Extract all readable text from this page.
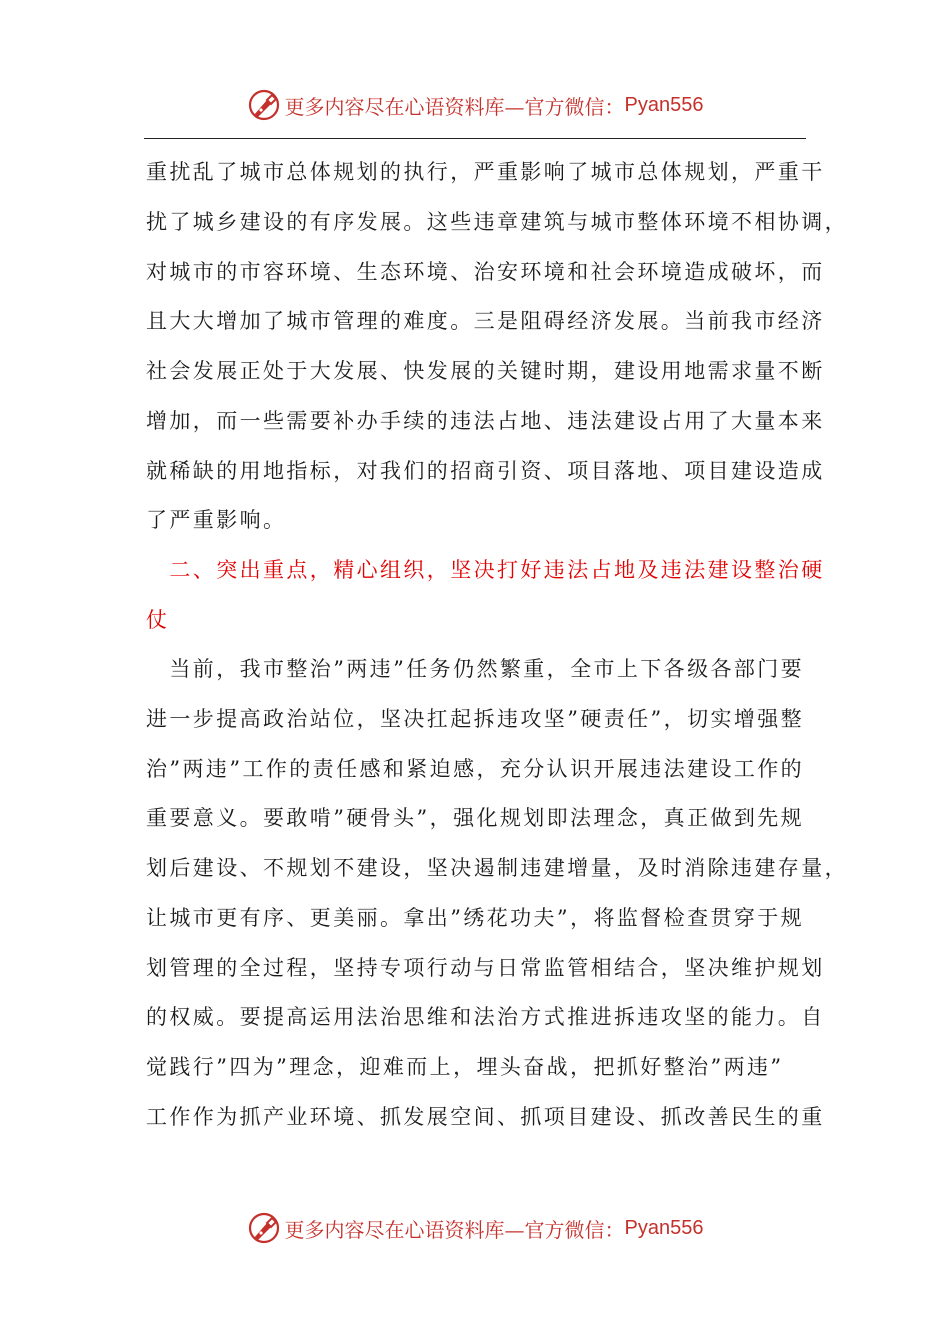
更多内容尽在心语资料库—官方微信： Pyan556
重扰乱了城市总体规划的执行，严重影响了城市总体规划，严重干
扰了城乡建设的有序发展。这些违章建筑与城市整体环境不相协调，
对城市的市容环境、生态环境、治安环境和社会环境造成破坏，而
且大大增加了城市管理的难度。三是阻碍经济发展。当前我市经济
社会发展正处于大发展、快发展的关键时期，建设用地需求量不断
增加，而一些需要补办手续的违法占地、违法建设占用了大量本来
就稀缺的用地指标，对我们的招商引资、项目落地、项目建设造成
了严重影响。
　二、突出重点，精心组织，坚决打好违法占地及违法建设整治硬
仗
　当前，我市整治”两违”任务仍然繁重，全市上下各级各部门要
进一步提高政治站位，坚决扛起拆违攻坚”硬责任”，切实增强整
治”两违”工作的责任感和紧迫感，充分认识开展违法建设工作的
重要意义。要敢啃”硬骨头”，强化规划即法理念，真正做到先规
划后建设、不规划不建设，坚决遏制违建增量，及时消除违建存量，
让城市更有序、更美丽。拿出”绣花功夫”，将监督检查贯穿于规
划管理的全过程，坚持专项行动与日常监管相结合，坚决维护规划
的权威。要提高运用法治思维和法治方式推进拆违攻坚的能力。自
觉践行”四为”理念，迎难而上，埋头奋战，把抓好整治”两违”
工作作为抓产业环境、抓发展空间、抓项目建设、抓改善民生的重
更多内容尽在心语资料库—官方微信： Pyan556
